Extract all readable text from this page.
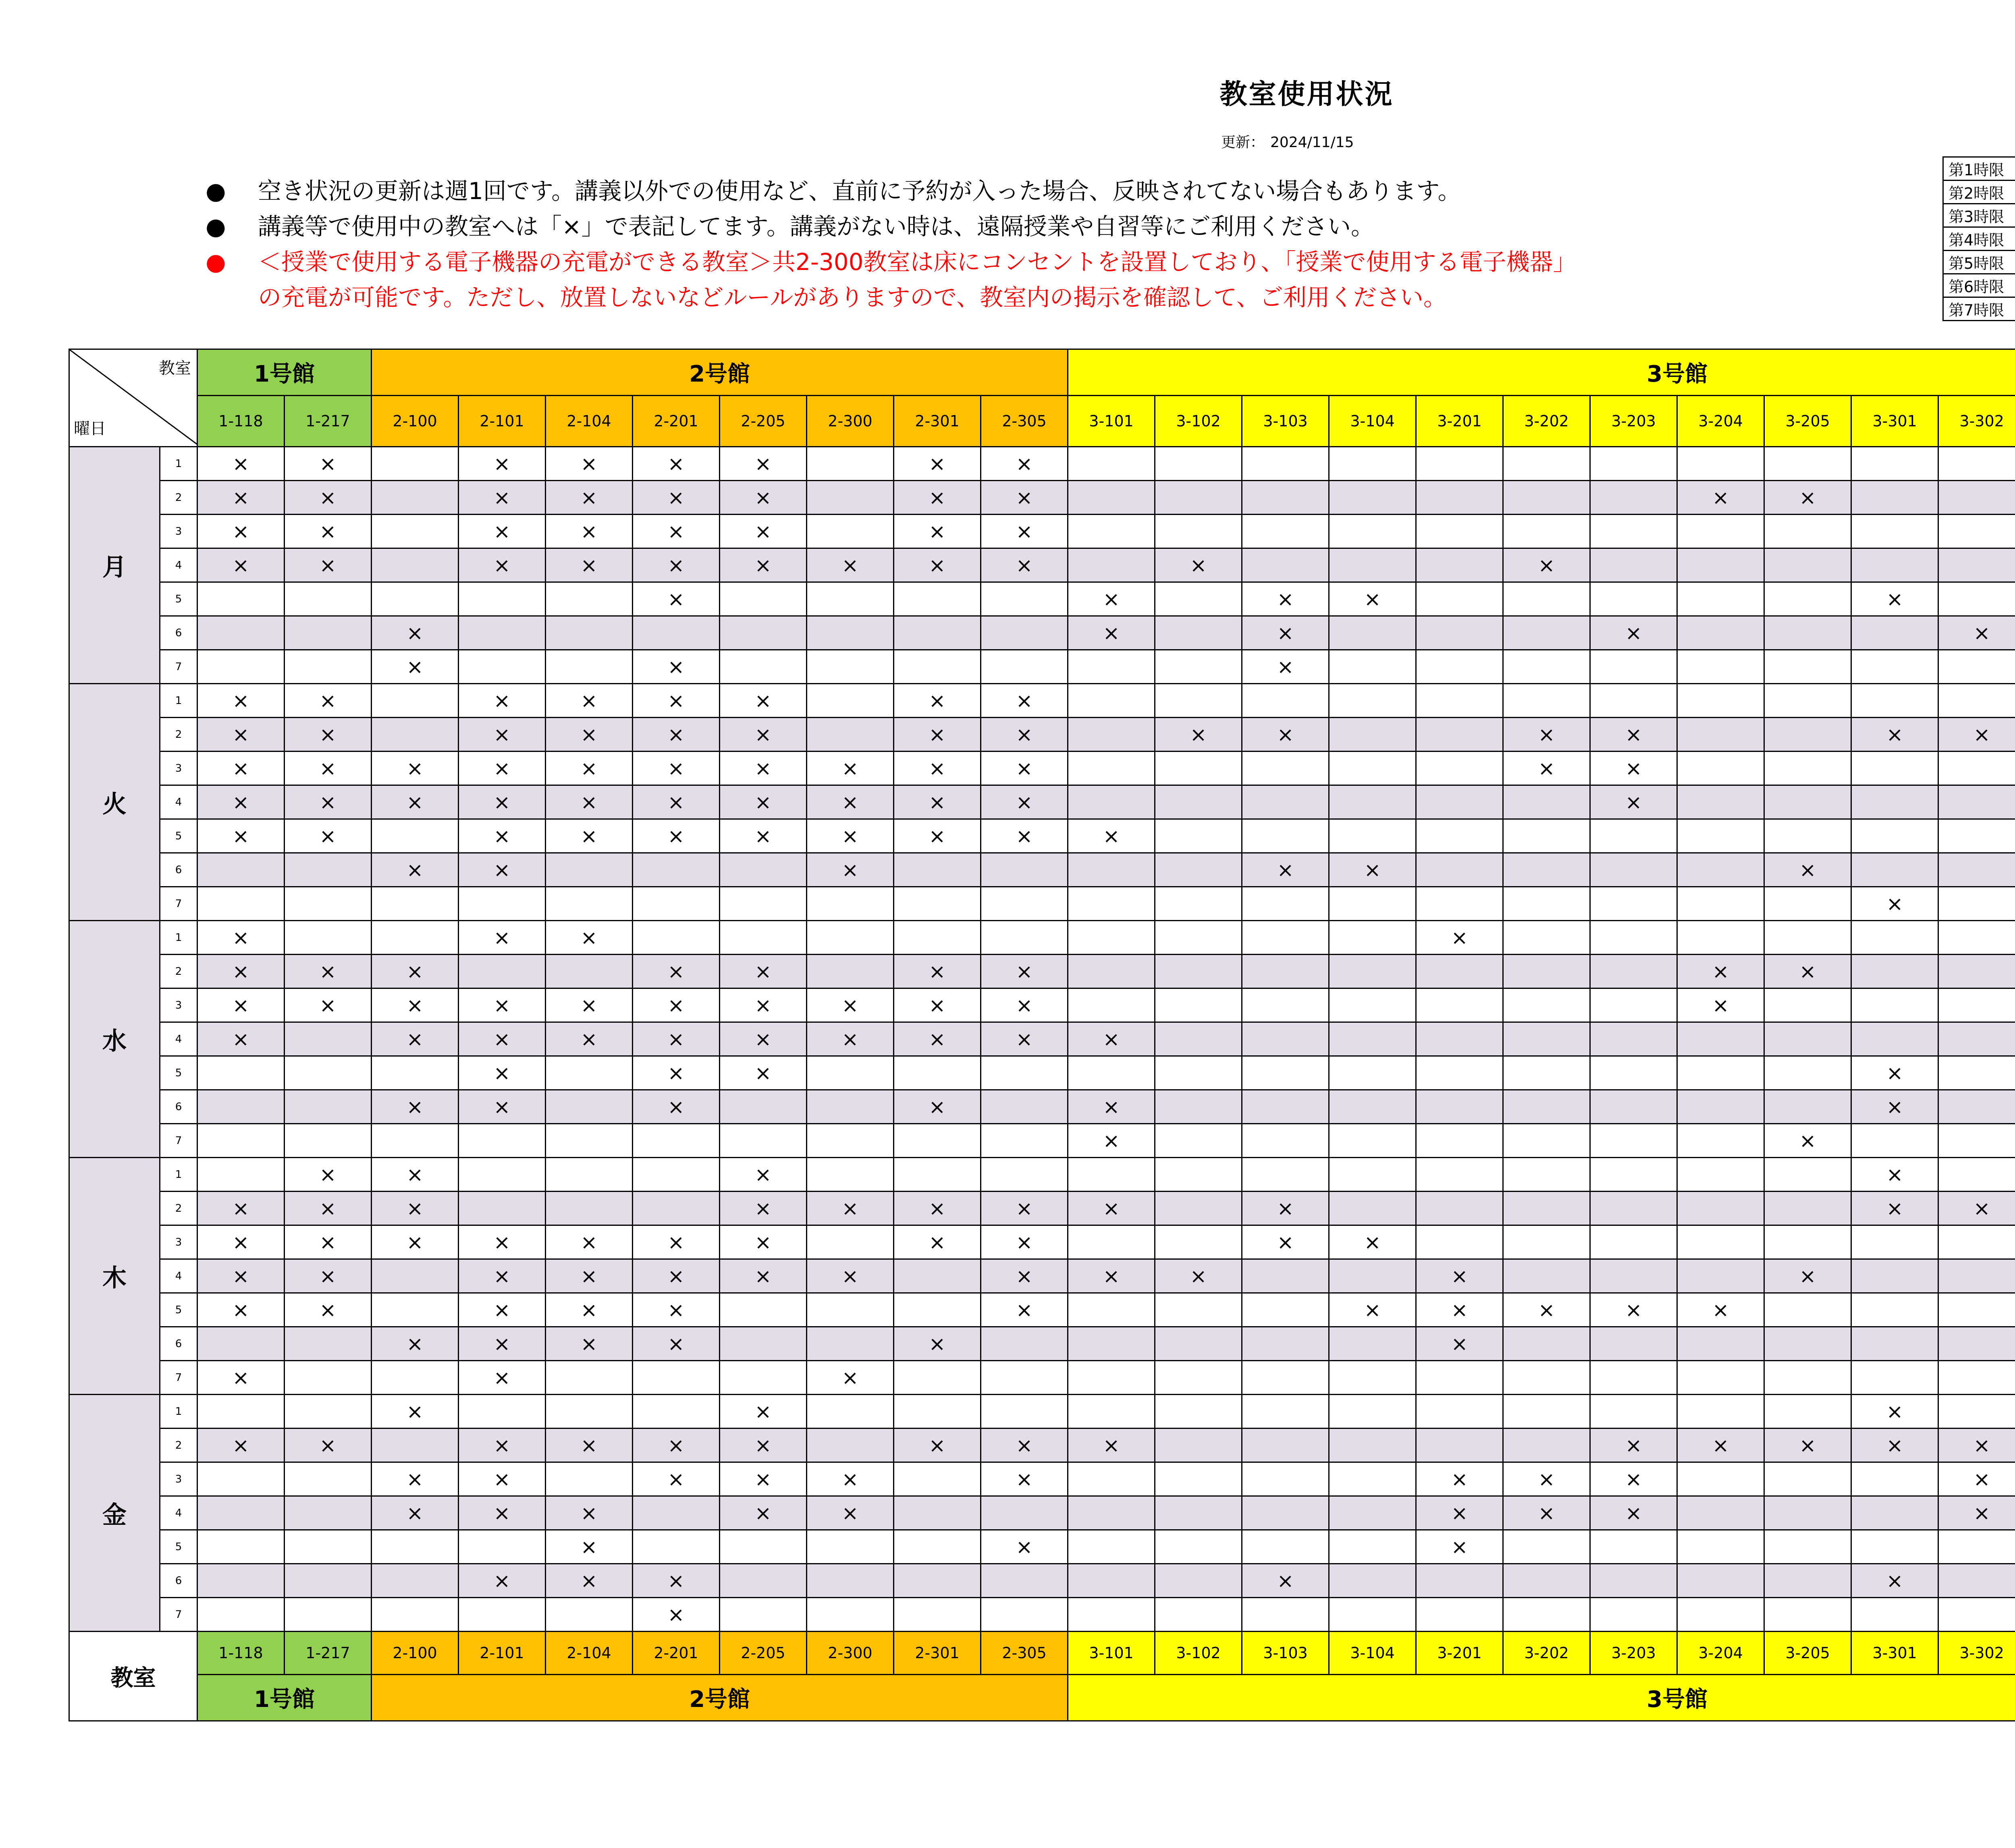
教室使用状況
更新： 2024/11/15
● 空き状況の更新は週1回です。講義以外での使用など、直前に予約が入った場合、反映されてない場合もあります。
● 講義等で使用中の教室へは「×」で表記してます。講義がない時は、遠隔授業や自習等にご利用ください。
● ＜授業で使用する電子機器の充電ができる教室＞共2-300教室は床にコンセントを設置しており、「授業で使用する電子機器」
の充電が可能です。ただし、放置しないなどルールがありますので、教室内の掲示を確認して、ご利用ください。
第1時限	
第2時限	
第3時限	
第4時限	
第5時限	
第6時限	
第7時限	
教室
曜日		1号館		2号館								3号館	
		1-118	1-217	2-100	2-101	2-104	2-201	2-205	2-300	2-301	2-305	3-101	3-102	3-103	3-104	3-201	3-202	3-203	3-204	3-205	3-301	3-302						
月	1	×	×		×	×	×	×		×	×																	
	2	×	×		×	×	×	×		×	×								×	×								
	3	×	×		×	×	×	×		×	×																	
	4	×	×		×	×	×	×	×	×	×		×				×											
	5						×					×		×	×						×							
	6			×								×		×				×				×						
	7			×			×							×														
火	1	×	×		×	×	×	×		×	×																	
	2	×	×		×	×	×	×		×	×		×	×			×	×			×	×						
	3	×	×	×	×	×	×	×	×	×	×						×	×										
	4	×	×	×	×	×	×	×	×	×	×							×										
	5	×	×		×	×	×	×	×	×	×	×																
	6			×	×				×					×	×					×								
	7																				×							
水	1	×			×	×										×												
	2	×	×	×			×	×		×	×								×	×								
	3	×	×	×	×	×	×	×	×	×	×								×									
	4	×		×	×	×	×	×	×	×	×	×																
	5				×		×	×													×							
	6			×	×		×			×		×									×							
	7											×								×								
木	1		×	×				×													×							
	2	×	×	×				×	×	×	×	×		×							×	×						
	3	×	×	×	×	×	×	×		×	×			×	×													
	4	×	×		×	×	×	×	×		×	×	×			×				×								
	5	×	×		×	×	×				×				×	×	×	×	×									
	6			×	×	×	×			×						×												
	7	×			×				×																			
金	1			×				×													×							
	2	×	×		×	×	×	×		×	×	×						×	×	×	×	×						
	3			×	×		×	×	×		×					×	×	×				×						
	4			×	×	×		×	×							×	×	×				×						
	5					×					×					×												
	6				×	×	×							×							×							
	7						×																					
教室		1-118	1-217	2-100	2-101	2-104	2-201	2-205	2-300	2-301	2-305	3-101	3-102	3-103	3-104	3-201	3-202	3-203	3-204	3-205	3-301	3-302						
		1号館		2号館								3号館	
